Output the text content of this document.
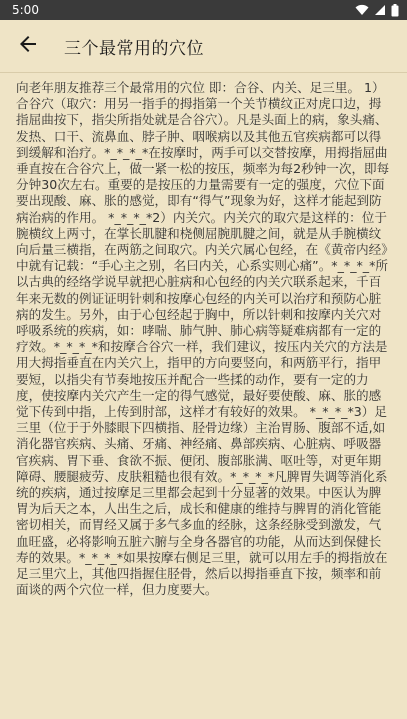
5:00
三个最常用的穴位

向老年朋友推荐三个最常用的穴位 即：合谷、内关、足三里。 1）合谷穴（取穴：用另一指手的拇指第一个关节横纹正对虎口边，拇指屈曲按下，指尖所指处就是合谷穴）。凡是头面上的病，象头痛、发热、口干、流鼻血、脖子肿、咽喉病以及其他五官疾病都可以得到缓解和治疗。*_*_*_*在按摩时，两手可以交替按摩，用拇指屈曲垂直按在合谷穴上，做一紧一松的按压，频率为每2秒钟一次，即每分钟30次左右。重要的是按压的力量需要有一定的强度，穴位下面要出现酸、麻、胀的感觉，即有“得气”现象为好，这样才能起到防病治病的作用。 *_*_*_*2）内关穴。内关穴的取穴是这样的：位于腕横纹上两寸，在掌长肌腱和桡侧屈腕肌腱之间，就是从手腕横纹向后量三横指，在两筋之间取穴。内关穴属心包经，在《黄帝内经》中就有记载：“手心主之别，名曰内关，心系实则心痛”。*_*_*_*所以古典的经络学说早就把心脏病和心包经的内关穴联系起来，千百年来无数的例证证明针刺和按摩心包经的内关可以治疗和预防心脏病的发生。另外，由于心包经起于胸中，所以针刺和按摩内关穴对呼吸系统的疾病，如：哮喘、肺气肿、肺心病等疑难病都有一定的疗效。*_*_*_*和按摩合谷穴一样，我们建议，按压内关穴的方法是用大拇指垂直在内关穴上，指甲的方向要竖向，和两筋平行，指甲要短，以指尖有节奏地按压并配合一些揉的动作，要有一定的力度，使按摩内关穴产生一定的得气感觉，最好要使酸、麻、胀的感觉下传到中指，上传到肘部，这样才有较好的效果。 *_*_*_*3）足三里（位于于外膝眼下四横指、胫骨边缘）主治胃肠、腹部不适,如消化器官疾病、头痛、牙痛、神经痛、鼻部疾病、心脏病、呼吸器官疾病、胃下垂、食欲不振、便闭、腹部胀满、呕吐等，对更年期障碍、腰腿疲劳、皮肤粗糙也很有效。*_*_*_*凡脾胃失调等消化系统的疾病，通过按摩足三里都会起到十分显著的效果。中医认为脾胃为后天之本，人出生之后，成长和健康的维持与脾胃的消化管能密切相关，而胃经又属于多气多血的经脉，这条经脉受到激发，气血旺盛，必将影响五脏六腑与全身各器官的功能，从而达到保健长寿的效果。*_*_*_*如果按摩右侧足三里，就可以用左手的拇指放在足三里穴上，其他四指握住胫骨，然后以拇指垂直下按，频率和前面谈的两个穴位一样，但力度要大。
